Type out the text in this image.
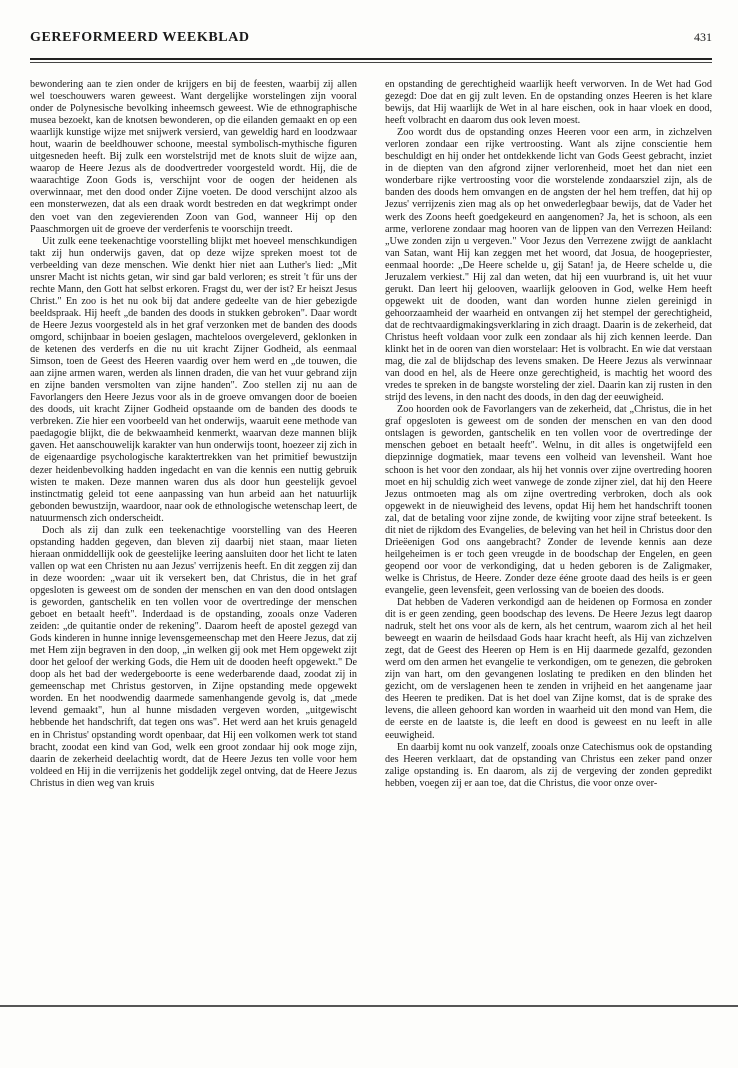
GEREFORMEERD WEEKBLAD	431

bewondering aan te zien onder de krijgers en bij de feesten, waarbij zij allen wel toeschouwers waren geweest. Want dergelijke worstelingen zijn vooral onder de Polynesische bevolking inheemsch geweest. Wie de ethnographische musea bezoekt, kan de knotsen bewonderen, op die eilanden gemaakt en op een waarlijk kunstige wijze met snijwerk versierd, van geweldig hard en loodzwaar hout, waarin de beeldhouwer schoone, meestal symbolisch-mythische figuren uitgesneden heeft. Bij zulk een worstelstrijd met de knots sluit de wijze aan, waarop de Heere Jezus als de doodvertreder voorgesteld wordt. Hij, die de waarachtige Zoon Gods is, verschijnt voor de oogen der heidenen als overwinnaar, met den dood onder Zijne voeten. De dood verschijnt alzoo als een monsterwezen, dat als een draak wordt bestreden en dat wegkrimpt onder den voet van den zegevierenden Zoon van God, wanneer Hij op den Paaschmorgen uit de groeve der verderfenis te voorschijn treedt.

Uit zulk eene teekenachtige voorstelling blijkt met hoeveel menschkundigen takt zij hun onderwijs gaven, dat op deze wijze spreken moest tot de verbeelding van deze menschen. Wie denkt hier niet aan Luther's lied: „Mit unsrer Macht ist nichts getan, wir sind gar bald verloren; es streit 't für uns der rechte Mann, den Gott hat selbst erkoren. Fragst du, wer der ist? Er heiszt Jesus Christ." En zoo is het nu ook bij dat andere gedeelte van de hier gebezigde beeldspraak. Hij heeft „de banden des doods in stukken gebroken". Daar wordt de Heere Jezus voorgesteld als in het graf verzonken met de banden des doods omgord, schijnbaar in boeien geslagen, machteloos overgeleverd, geklonken in de ketenen des verderfs en die nu uit kracht Zijner Godheid, als eenmaal Simson, toen de Geest des Heeren vaardig over hem werd en „de touwen, die aan zijne armen waren, werden als linnen draden, die van het vuur gebrand zijn en zijne banden versmolten van zijne handen". Zoo stellen zij nu aan de Favorlangers den Heere Jezus voor als in de groeve omvangen door de boeien des doods, uit kracht Zijner Godheid opstaande om de banden des doods te verbreken. Zie hier een voorbeeld van het onderwijs, waaruit eene methode van paedagogie blijkt, die de bekwaamheid kenmerkt, waarvan deze mannen blijk gaven. Het aanschouwelijk karakter van hun onderwijs toont, hoezeer zij zich in de eigenaardige psychologische karaktertrekken van het primitief bewustzijn dezer heidenbevolking hadden ingedacht en van die kennis een nuttig gebruik wisten te maken. Deze mannen waren dus als door hun geestelijk gevoel instinctmatig geleid tot eene aanpassing van hun arbeid aan het natuurlijk gebonden bewustzijn, waardoor, naar ook de ethnologische wetenschap leert, de natuurmensch zich onderscheidt.

Doch als zij dan zulk een teekenachtige voorstelling van des Heeren opstanding hadden gegeven, dan bleven zij daarbij niet staan, maar lieten hieraan onmiddellijk ook de geestelijke leering aansluiten door het licht te laten vallen op wat een Christen nu aan Jezus' verrijzenis heeft. En dit zeggen zij dan in deze woorden: „waar uit ik versekert ben, dat Christus, die in het graf opgesloten is geweest om de sonden der menschen en van den dood ontslagen is geworden, gantschelik en ten vollen voor de overtredinge der menschen geboet en betaalt heeft". Inderdaad is de opstanding, zooals onze Vaderen zeiden: „de quitantie onder de rekening". Daarom heeft de apostel gezegd van Gods kinderen in hunne innige levensgemeenschap met den Heere Jezus, dat zij met Hem zijn begraven in den doop, „in welken gij ook met Hem opgewekt zijt door het geloof der werking Gods, die Hem uit de dooden heeft opgewekt." De doop als het bad der wedergeboorte is eene wederbarende daad, zoodat zij in gemeenschap met Christus gestorven, in Zijne opstanding mede opgewekt worden. En het noodwendig daarmede samenhangende gevolg is, dat „mede levend gemaakt", hun al hunne misdaden vergeven worden, „uitgewischt hebbende het handschrift, dat tegen ons was". Het werd aan het kruis genageld en in Christus' opstanding wordt openbaar, dat Hij een volkomen werk tot stand bracht, zoodat een kind van God, welk een groot zondaar hij ook moge zijn, daarin de zekerheid deelachtig wordt, dat de Heere Jezus ten volle voor hem voldeed en Hij in die verrijzenis het goddelijk zegel ontving, dat de Heere Jezus Christus in dien weg van kruis

en opstanding de gerechtigheid waarlijk heeft verworven. In de Wet had God gezegd: Doe dat en gij zult leven. En de opstanding onzes Heeren is het klare bewijs, dat Hij waarlijk de Wet in al hare eischen, ook in haar vloek en dood, heeft volbracht en daarom dus ook leven moest.

Zoo wordt dus de opstanding onzes Heeren voor een arm, in zichzelven verloren zondaar een rijke vertroosting. Want als zijne conscientie hem beschuldigt en hij onder het ontdekkende licht van Gods Geest gebracht, inziet in de diepten van den afgrond zijner verlorenheid, moet het dan niet een wonderbare rijke vertroosting voor die worstelende zondaarsziel zijn, als de banden des doods hem omvangen en de angsten der hel hem treffen, dat hij op Jezus' verrijzenis zien mag als op het onwederlegbaar bewijs, dat de Vader het werk des Zoons heeft goedgekeurd en aangenomen? Ja, het is schoon, als een arme, verlorene zondaar mag hooren van de lippen van den Verrezen Heiland: „Uwe zonden zijn u vergeven." Voor Jezus den Verrezene zwijgt de aanklacht van Satan, want Hij kan zeggen met het woord, dat Josua, de hoogepriester, eenmaal hoorde: „De Heere schelde u, gij Satan! ja, de Heere schelde u, die Jeruzalem verkiest." Hij zal dan weten, dat hij een vuurbrand is, uit het vuur gerukt. Dan leert hij gelooven, waarlijk gelooven in God, welke Hem heeft opgewekt uit de dooden, want dan worden hunne zielen gereinigd in gehoorzaamheid der waarheid en ontvangen zij het stempel der gerechtigheid, dat de rechtvaardigmakingsverklaring in zich draagt. Daarin is de zekerheid, dat Christus heeft voldaan voor zulk een zondaar als hij zich kennen leerde. Dan klinkt het in de ooren van dien worstelaar: Het is volbracht. En wie dat verstaan mag, die zal de blijdschap des levens smaken. De Heere Jezus als verwinnaar van dood en hel, als de Heere onze gerechtigheid, is machtig het woord des vredes te spreken in de bangste worsteling der ziel. Daarin kan zij rusten in den strijd des levens, in den nacht des doods, in den dag der eeuwigheid.

Zoo hoorden ook de Favorlangers van de zekerheid, dat „Christus, die in het graf opgesloten is geweest om de sonden der menschen en van den dood ontslagen is geworden, gantschelik en ten vollen voor de overtredinge der menschen geboet en betaalt heeft". Welnu, in dit alles is ongetwijfeld een diepzinnige dogmatiek, maar tevens een volheid van levensheil. Want hoe schoon is het voor den zondaar, als hij het vonnis over zijne overtreding hooren moet en hij schuldig zich weet vanwege de zonde zijner ziel, dat hij den Heere Jezus ontmoeten mag als om zijne overtreding verbroken, doch als ook opgewekt in de nieuwigheid des levens, opdat Hij hem het handschrift toonen zal, dat de betaling voor zijne zonde, de kwijting voor zijne straf beteekent. Is dit niet de rijkdom des Evangelies, de beleving van het heil in Christus door den Drieëenigen God ons aangebracht? Zonder de levende kennis aan deze heilgeheimen is er toch geen vreugde in de boodschap der Engelen, en geen geopend oor voor de verkondiging, dat u heden geboren is de Zaligmaker, welke is Christus, de Heere. Zonder deze ééne groote daad des heils is er geen evangelie, geen levensfeit, geen verlossing van de boeien des doods.

Dat hebben de Vaderen verkondigd aan de heidenen op Formosa en zonder dit is er geen zending, geen boodschap des levens. De Heere Jezus legt daarop nadruk, stelt het ons voor als de kern, als het centrum, waarom zich al het heil beweegt en waarin de heilsdaad Gods haar kracht heeft, als Hij van zichzelven zegt, dat de Geest des Heeren op Hem is en Hij daarmede gezalfd, gezonden werd om den armen het evangelie te verkondigen, om te genezen, die gebroken zijn van hart, om den gevangenen loslating te prediken en den blinden het gezicht, om de verslagenen heen te zenden in vrijheid en het aangename jaar des Heeren te prediken. Dat is het doel van Zijne komst, dat is de sprake des levens, die alleen gehoord kan worden in waarheid uit den mond van Hem, die de eerste en de laatste is, die leeft en dood is geweest en nu leeft in alle eeuwigheid.

En daarbij komt nu ook vanzelf, zooals onze Catechismus ook de opstanding des Heeren verklaart, dat de opstanding van Christus een zeker pand onzer zalige opstanding is. En daarom, als zij de vergeving der zonden gepredikt hebben, voegen zij er aan toe, dat die Christus, die voor onze over-
